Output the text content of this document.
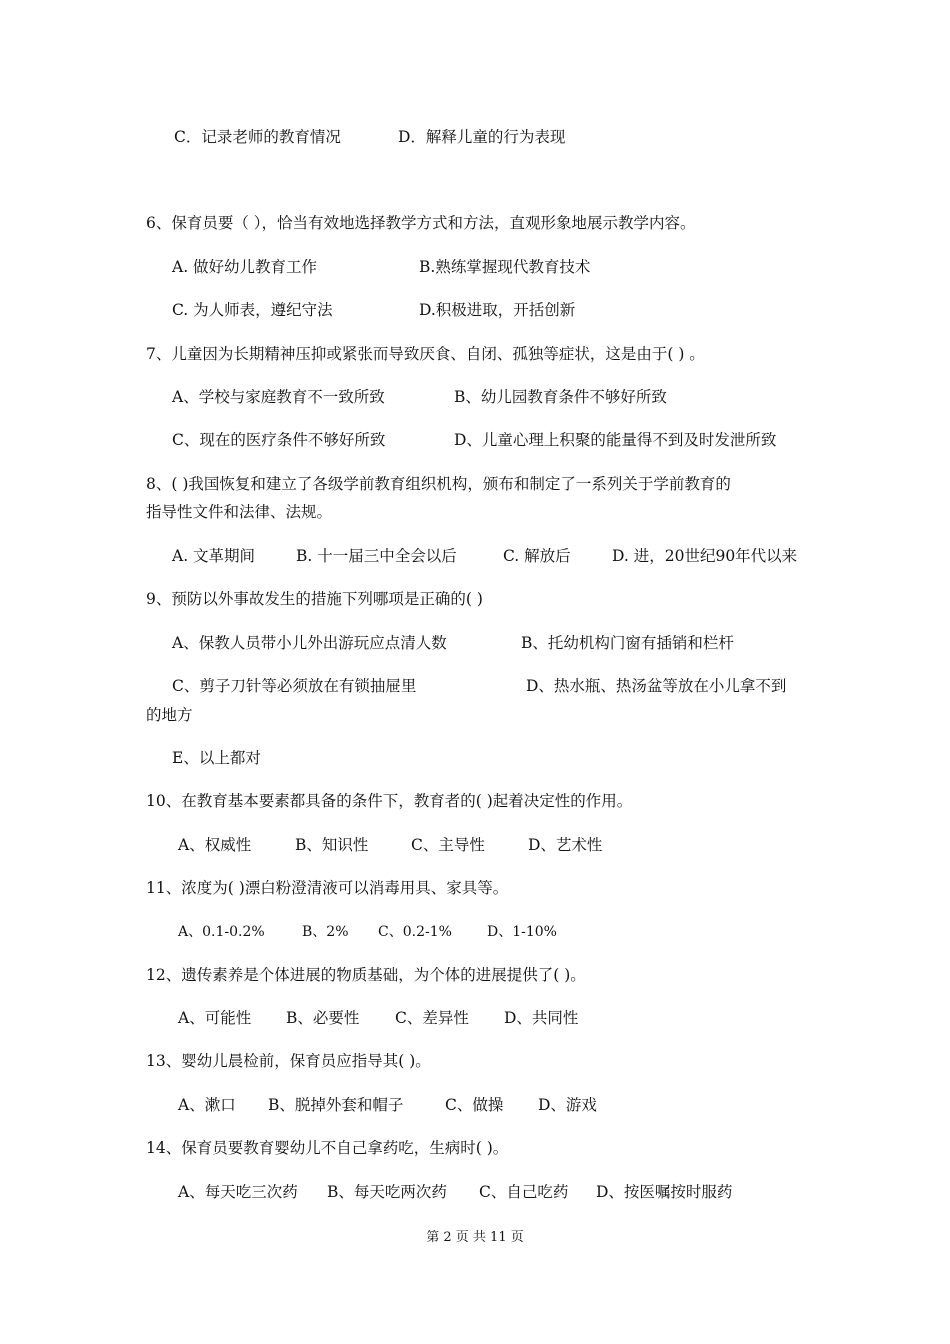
C．记录老师的教育情况	D．解释儿童的行为表现
6、保育员要（ ），恰当有效地选择教学方式和方法，直观形象地展示教学内容。
A. 做好幼儿教育工作	B.熟练掌握现代教育技术
C. 为人师表，遵纪守法	D.积极进取，开括创新
7、儿童因为长期精神压抑或紧张而导致厌食、自闭、孤独等症状，这是由于( ) 。
A、学校与家庭教育不一致所致	B、幼儿园教育条件不够好所致
C、现在的医疗条件不够好所致	D、儿童心理上积聚的能量得不到及时发泄所致
8、( )我国恢复和建立了各级学前教育组织机构，颁布和制定了一系列关于学前教育的
指导性文件和法律、法规。
A. 文革期间	B. 十一届三中全会以后	C. 解放后	D. 进，20世纪90年代以来
9、预防以外事故发生的措施下列哪项是正确的( )
A、保教人员带小儿外出游玩应点清人数	B、托幼机构门窗有插销和栏杆
C、剪子刀针等必须放在有锁抽屉里	D、热水瓶、热汤盆等放在小儿拿不到
的地方
E、以上都对
10、在教育基本要素都具备的条件下，教育者的( )起着决定性的作用。
A、权威性	B、知识性	C、主导性	D、艺术性
11、浓度为( )漂白粉澄清液可以消毒用具、家具等。
A、0.1-0.2%	B、2% C、0.2-1%	D、1-10%
12、遗传素养是个体进展的物质基础，为个体的进展提供了( )。
A、可能性 B、必要性 C、差异性 D、共同性
13、婴幼儿晨检前，保育员应指导其( )。
A、漱口 B、脱掉外套和帽子	C、做操 D、游戏
14、保育员要教育婴幼儿不自己拿药吃，生病时( )。
A、每天吃三次药 B、每天吃两次药 C、自己吃药 D、按医嘱按时服药
第 2 页 共 11 页
